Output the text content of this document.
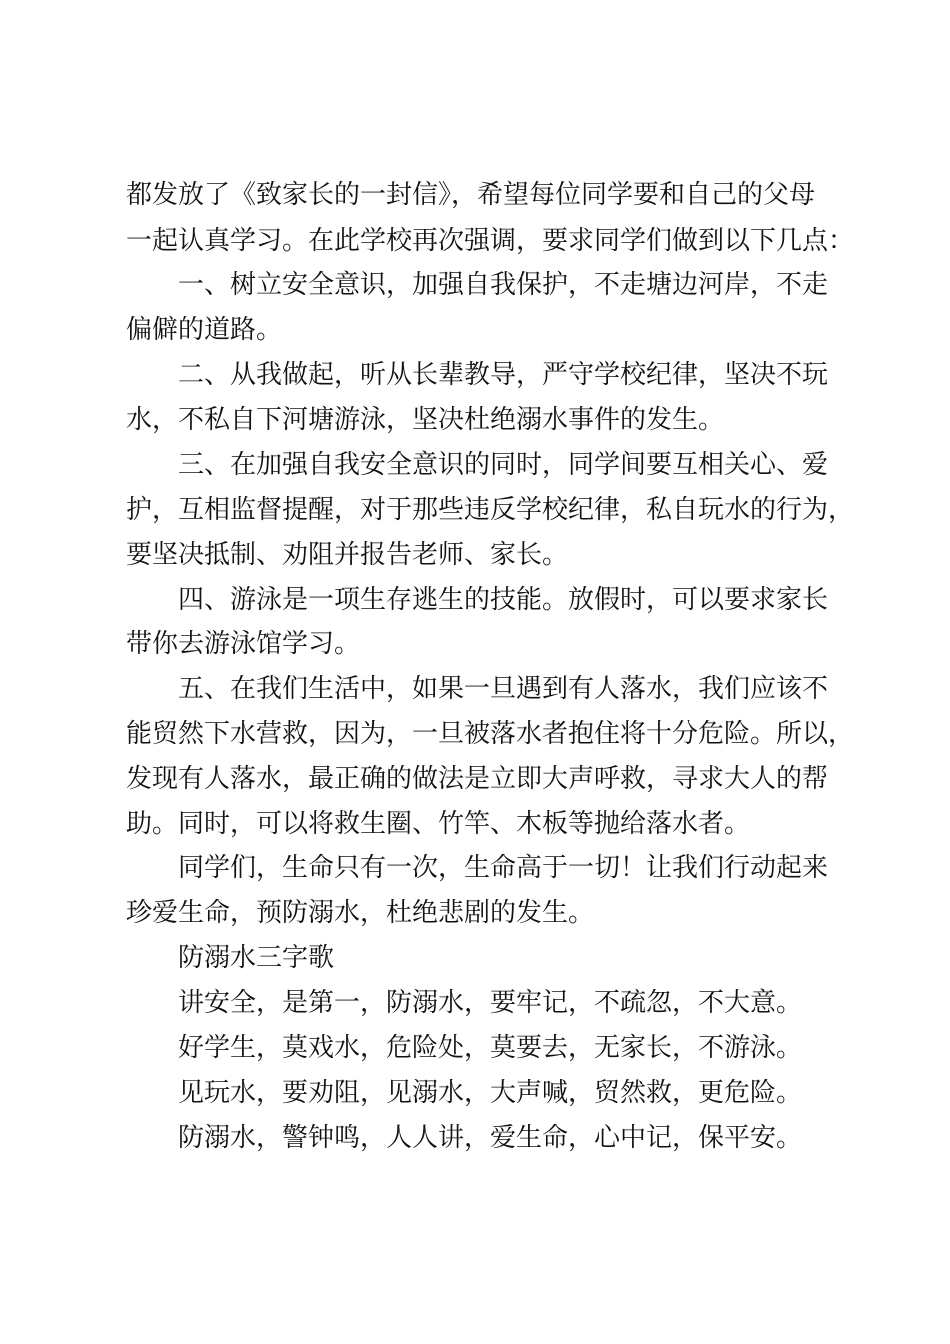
都发放了《致家长的一封信》，希望每位同学要和自己的父母

一起认真学习。在此学校再次强调，要求同学们做到以下几点：

一、树立安全意识，加强自我保护，不走塘边河岸，不走

偏僻的道路。

二、从我做起，听从长辈教导，严守学校纪律，坚决不玩

水，不私自下河塘游泳，坚决杜绝溺水事件的发生。

三、在加强自我安全意识的同时，同学间要互相关心、爱

护，互相监督提醒，对于那些违反学校纪律，私自玩水的行为，

要坚决抵制、劝阻并报告老师、家长。

四、游泳是一项生存逃生的技能。放假时，可以要求家长

带你去游泳馆学习。

五、在我们生活中，如果一旦遇到有人落水，我们应该不

能贸然下水营救，因为，一旦被落水者抱住将十分危险。所以，

发现有人落水，最正确的做法是立即大声呼救，寻求大人的帮

助。同时，可以将救生圈、竹竿、木板等抛给落水者。

同学们，生命只有一次，生命高于一切！让我们行动起来

珍爱生命，预防溺水，杜绝悲剧的发生。

防溺水三字歌

讲安全，是第一，防溺水，要牢记，不疏忽，不大意。

好学生，莫戏水，危险处，莫要去，无家长，不游泳。

见玩水，要劝阻，见溺水，大声喊，贸然救，更危险。

防溺水，警钟鸣，人人讲，爱生命，心中记，保平安。
